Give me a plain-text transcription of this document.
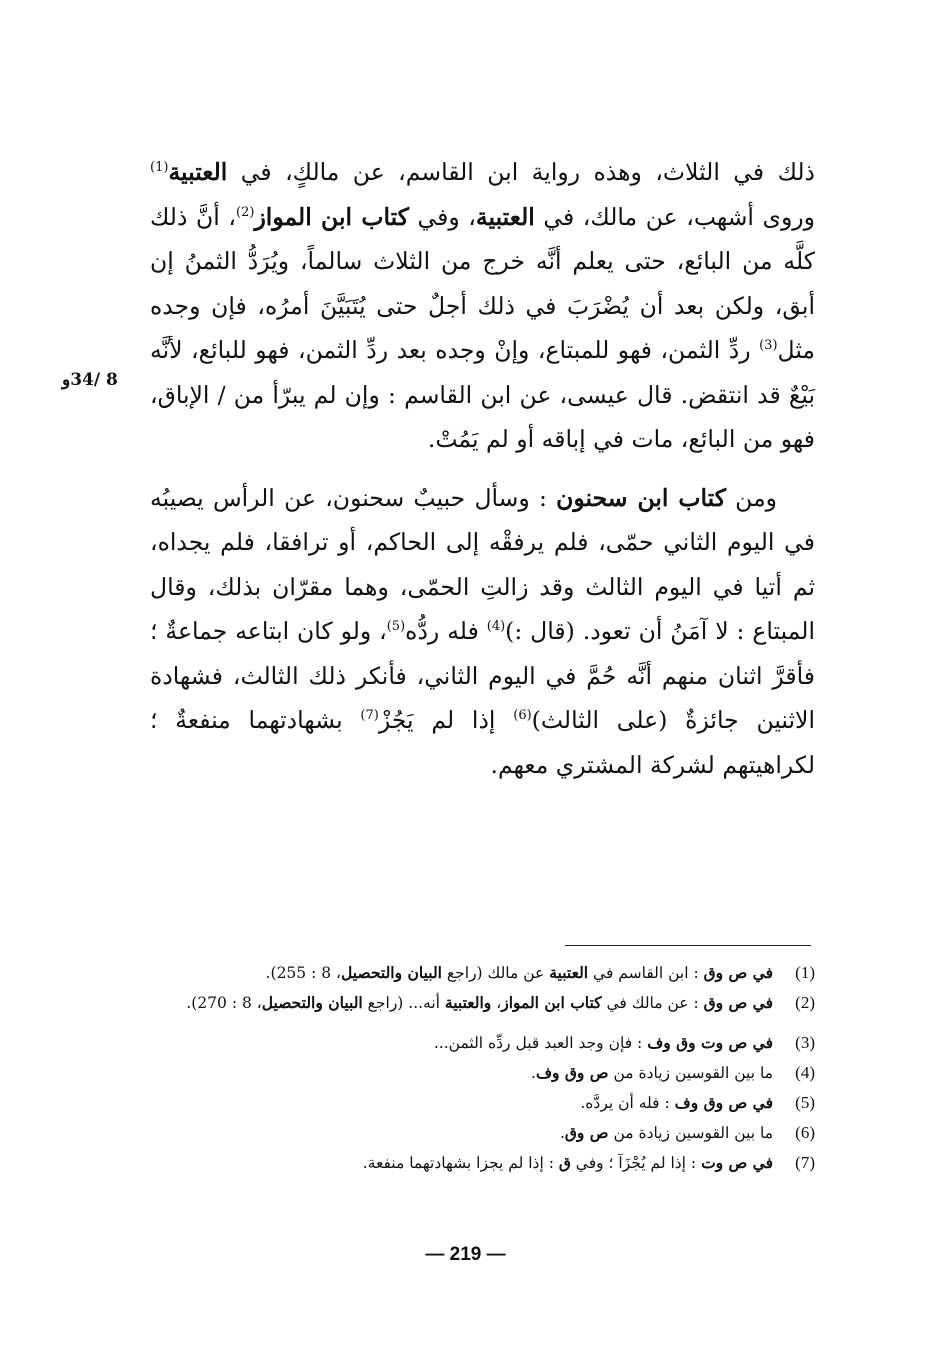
ذلك في الثلاث، وهذه رواية ابن القاسم، عن مالكٍ، في العتبية$^{(1)}$ وروى أشهب، عن مالك، في العتبية، وفي كتاب ابن المواز$^{(2)}$، أنَّ ذلك كلَّه من البائع، حتى يعلم أنَّه خرج من الثلاث سالماً، ويُرَدُّ الثمنُ إن أبق، ولكن بعد أن يُضْرَبَ في ذلك أجلٌ حتى يُتَبَيَّنَ أمرُه، فإن وجده مثل$^{(3)}$ ردِّ الثمن، فهو للمبتاع، وإنْ وجده بعد ردِّ الثمن، فهو للبائع، لأنَّه بَيْعٌ قد انتقض. قال عيسى، عن ابن القاسم : وإن لم يبرّأ من / الإباق، فهو من البائع، مات في إباقه أو لم يَمُتْ.

ومن كتاب ابن سحنون : وسأل حبيبٌ سحنون، عن الرأس يصيبُه في اليوم الثاني حمّى، فلم يرفقْه إلى الحاكم، أو ترافقا، فلم يجداه، ثم أتيا في اليوم الثالث وقد زالتِ الحمّى، وهما مقرّان بذلك، وقال المبتاع : لا آمَنُ أن تعود. (قال :)$^{(4)}$ فله ردُّه$^{(5)}$، ولو كان ابتاعه جماعةٌ ؛ فأقرَّ اثنان منهم أنَّه حُمَّ في اليوم الثاني، فأنكر ذلك الثالث، فشهادة الاثنين جائزةٌ (على الثالث)$^{(6)}$ إذا لم يَجُزْ$^{(7)}$ بشهادتهما منفعةٌ ؛ لكراهيتهم لشركة المشتري معهم.

8 /34و
(1)
في ص وق : ابن القاسم في العتبية عن مالك (راجع البيان والتحصيل، 8 : 255).
(2)
في ص وق : عن مالك في كتاب ابن المواز، والعتبية أنه... (راجع البيان والتحصيل، 8 : 270).
(3)
في ص وت وق وف : فإن وجد العبد قبل ردِّه الثمن...
(4)
ما بين القوسين زيادة من ص وق وف.
(5)
في ص وق وف : فله أن يردَّه.
(6)
ما بين القوسين زيادة من ص وق.
(7)
في ص وت : إذا لم يُجْزَآ ؛ وفي ق : إذا لم يجزا بشهادتهما منفعة.
— 219 —
